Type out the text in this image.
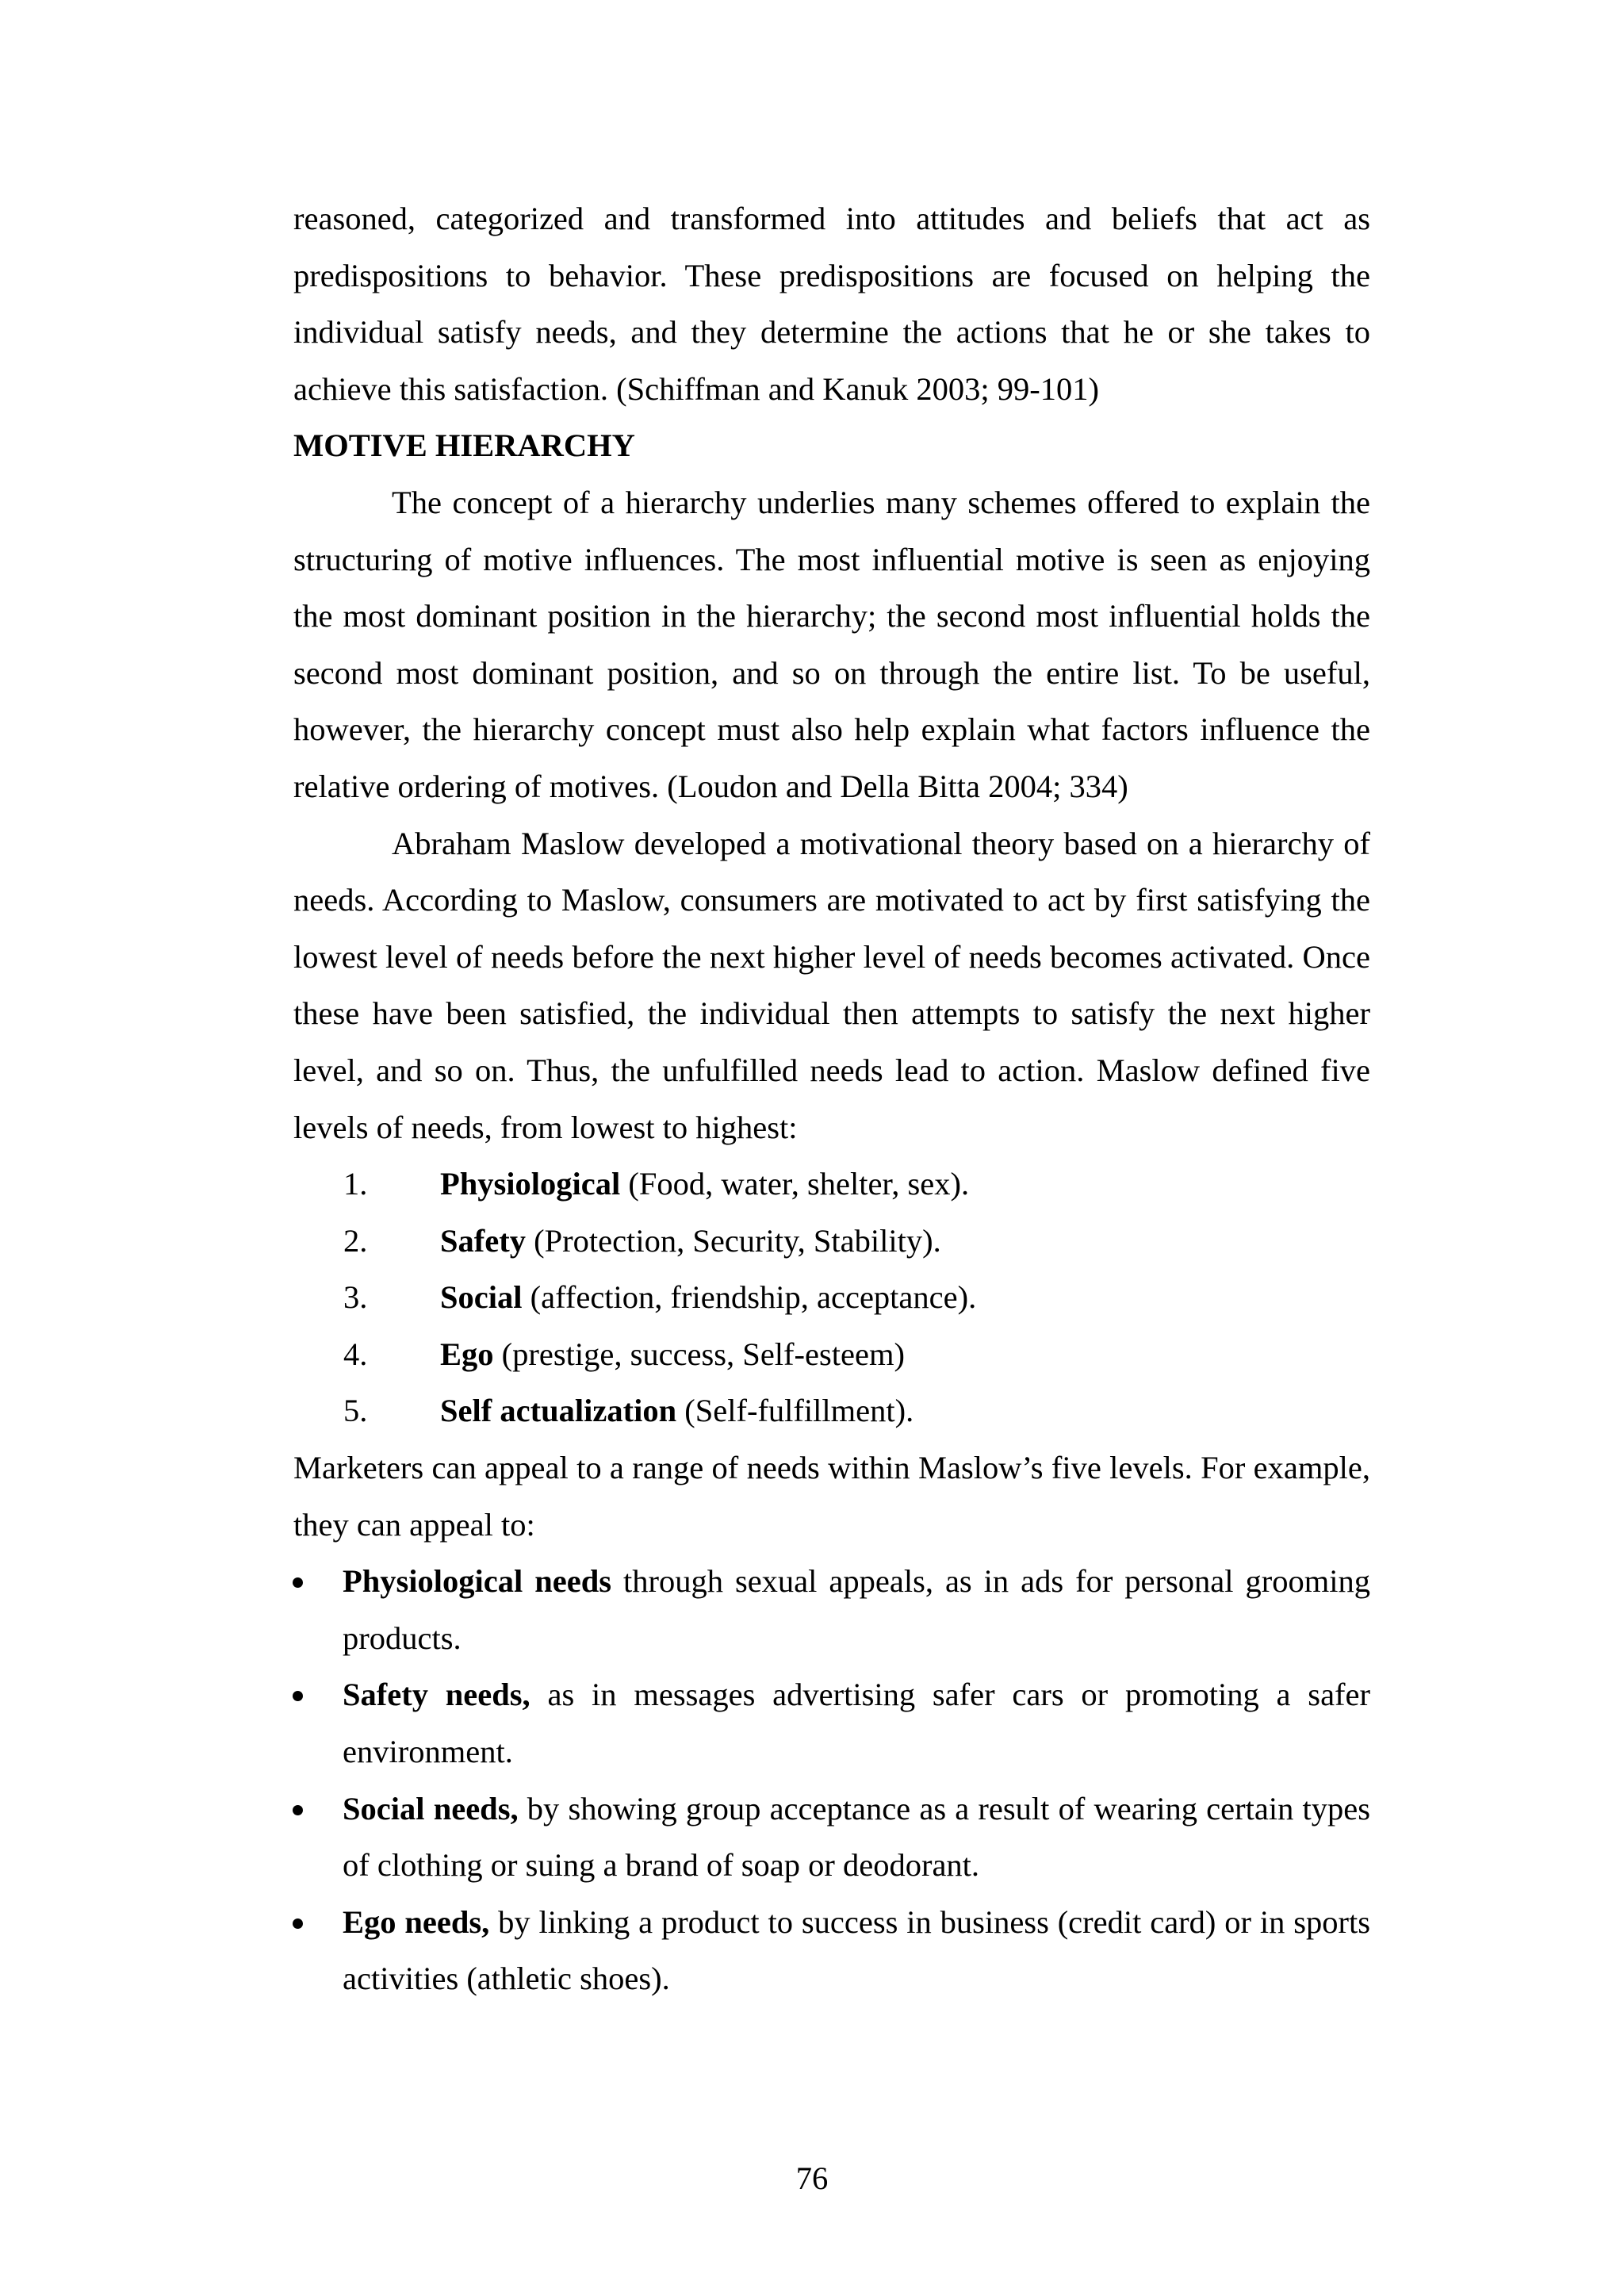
reasoned, categorized and transformed into attitudes and beliefs that act as predispositions to behavior. These predispositions are focused on helping the individual satisfy needs, and they determine the actions that he or she takes to achieve this satisfaction. (Schiffman and Kanuk 2003; 99-101)

MOTIVE HIERARCHY

The concept of a hierarchy underlies many schemes offered to explain the structuring of motive influences. The most influential motive is seen as enjoying the most dominant position in the hierarchy; the second most influential holds the second most dominant position, and so on through the entire list. To be useful, however, the hierarchy concept must also help explain what factors influence the relative ordering of motives. (Loudon and Della Bitta 2004; 334)

Abraham Maslow developed a motivational theory based on a hierarchy of needs. According to Maslow, consumers are motivated to act by first satisfying the lowest level of needs before the next higher level of needs becomes activated. Once these have been satisfied, the individual then attempts to satisfy the next higher level, and so on. Thus, the unfulfilled needs lead to action. Maslow defined five levels of needs, from lowest to highest:

1. Physiological (Food, water, shelter, sex).
2. Safety (Protection, Security, Stability).
3. Social (affection, friendship, acceptance).
4. Ego (prestige, success, Self-esteem)
5. Self actualization (Self-fulfillment).

Marketers can appeal to a range of needs within Maslow’s five levels. For example, they can appeal to:

Physiological needs through sexual appeals, as in ads for personal grooming products.
Safety needs, as in messages advertising safer cars or promoting a safer environment.
Social needs, by showing group acceptance as a result of wearing certain types of clothing or suing a brand of soap or deodorant.
Ego needs, by linking a product to success in business (credit card) or in sports activities (athletic shoes).
76
